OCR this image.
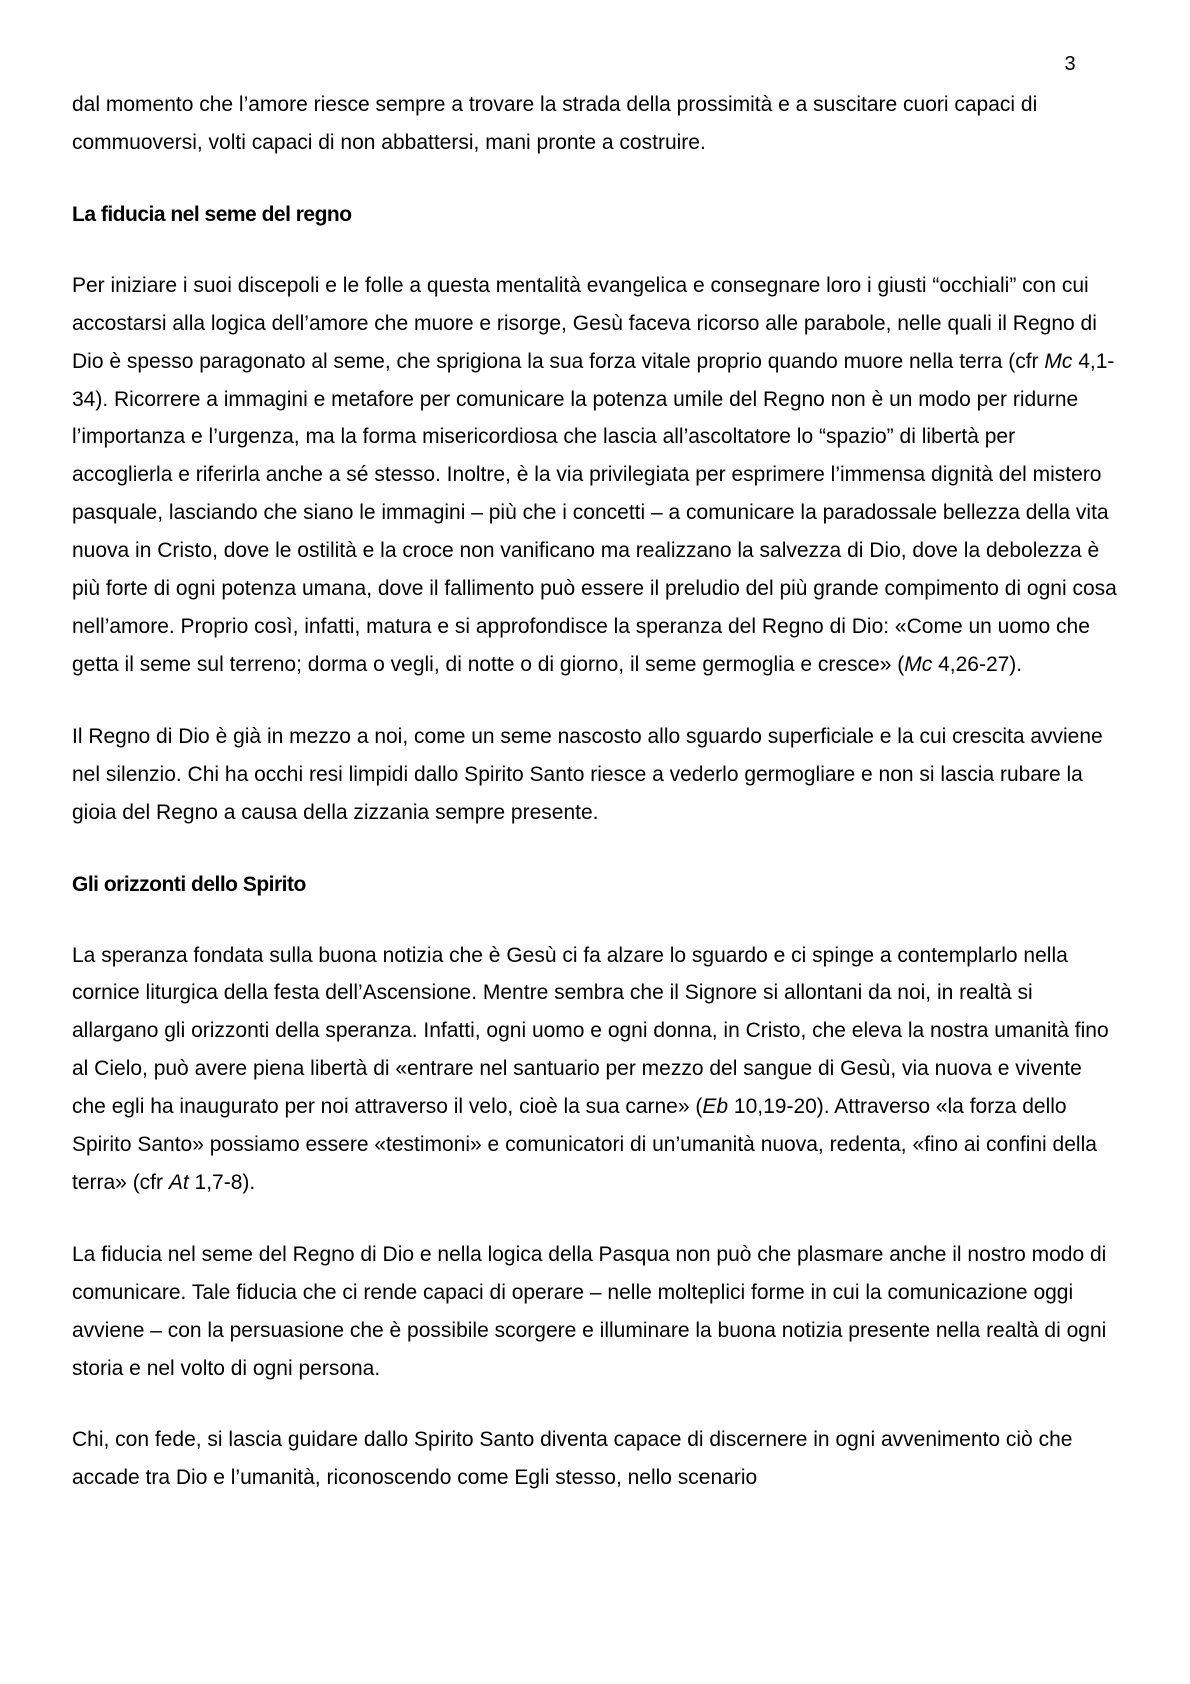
3

dal momento che l’amore riesce sempre a trovare la strada della prossimità e a suscitare cuori capaci di commuoversi, volti capaci di non abbattersi, mani pronte a costruire.

La fiducia nel seme del regno

Per iniziare i suoi discepoli e le folle a questa mentalità evangelica e consegnare loro i giusti “occhiali” con cui accostarsi alla logica dell’amore che muore e risorge, Gesù faceva ricorso alle parabole, nelle quali il Regno di Dio è spesso paragonato al seme, che sprigiona la sua forza vitale proprio quando muore nella terra (cfr Mc 4,1-34). Ricorrere a immagini e metafore per comunicare la potenza umile del Regno non è un modo per ridurne l’importanza e l’urgenza, ma la forma misericordiosa che lascia all’ascoltatore lo “spazio” di libertà per accoglierla e riferirla anche a sé stesso. Inoltre, è la via privilegiata per esprimere l’immensa dignità del mistero pasquale, lasciando che siano le immagini – più che i concetti – a comunicare la paradossale bellezza della vita nuova in Cristo, dove le ostilità e la croce non vanificano ma realizzano la salvezza di Dio, dove la debolezza è più forte di ogni potenza umana, dove il fallimento può essere il preludio del più grande compimento di ogni cosa nell’amore. Proprio così, infatti, matura e si approfondisce la speranza del Regno di Dio: «Come un uomo che getta il seme sul terreno; dorma o vegli, di notte o di giorno, il seme germoglia e cresce» (Mc 4,26-27).

Il Regno di Dio è già in mezzo a noi, come un seme nascosto allo sguardo superficiale e la cui crescita avviene nel silenzio. Chi ha occhi resi limpidi dallo Spirito Santo riesce a vederlo germogliare e non si lascia rubare la gioia del Regno a causa della zizzania sempre presente.

Gli orizzonti dello Spirito

La speranza fondata sulla buona notizia che è Gesù ci fa alzare lo sguardo e ci spinge a contemplarlo nella cornice liturgica della festa dell’Ascensione. Mentre sembra che il Signore si allontani da noi, in realtà si allargano gli orizzonti della speranza. Infatti, ogni uomo e ogni donna, in Cristo, che eleva la nostra umanità fino al Cielo, può avere piena libertà di «entrare nel santuario per mezzo del sangue di Gesù, via nuova e vivente che egli ha inaugurato per noi attraverso il velo, cioè la sua carne» (Eb 10,19-20). Attraverso «la forza dello Spirito Santo» possiamo essere «testimoni» e comunicatori di un’umanità nuova, redenta, «fino ai confini della terra» (cfr At 1,7-8).

La fiducia nel seme del Regno di Dio e nella logica della Pasqua non può che plasmare anche il nostro modo di comunicare. Tale fiducia che ci rende capaci di operare – nelle molteplici forme in cui la comunicazione oggi avviene – con la persuasione che è possibile scorgere e illuminare la buona notizia presente nella realtà di ogni storia e nel volto di ogni persona.

Chi, con fede, si lascia guidare dallo Spirito Santo diventa capace di discernere in ogni avvenimento ciò che accade tra Dio e l’umanità, riconoscendo come Egli stesso, nello scenario
